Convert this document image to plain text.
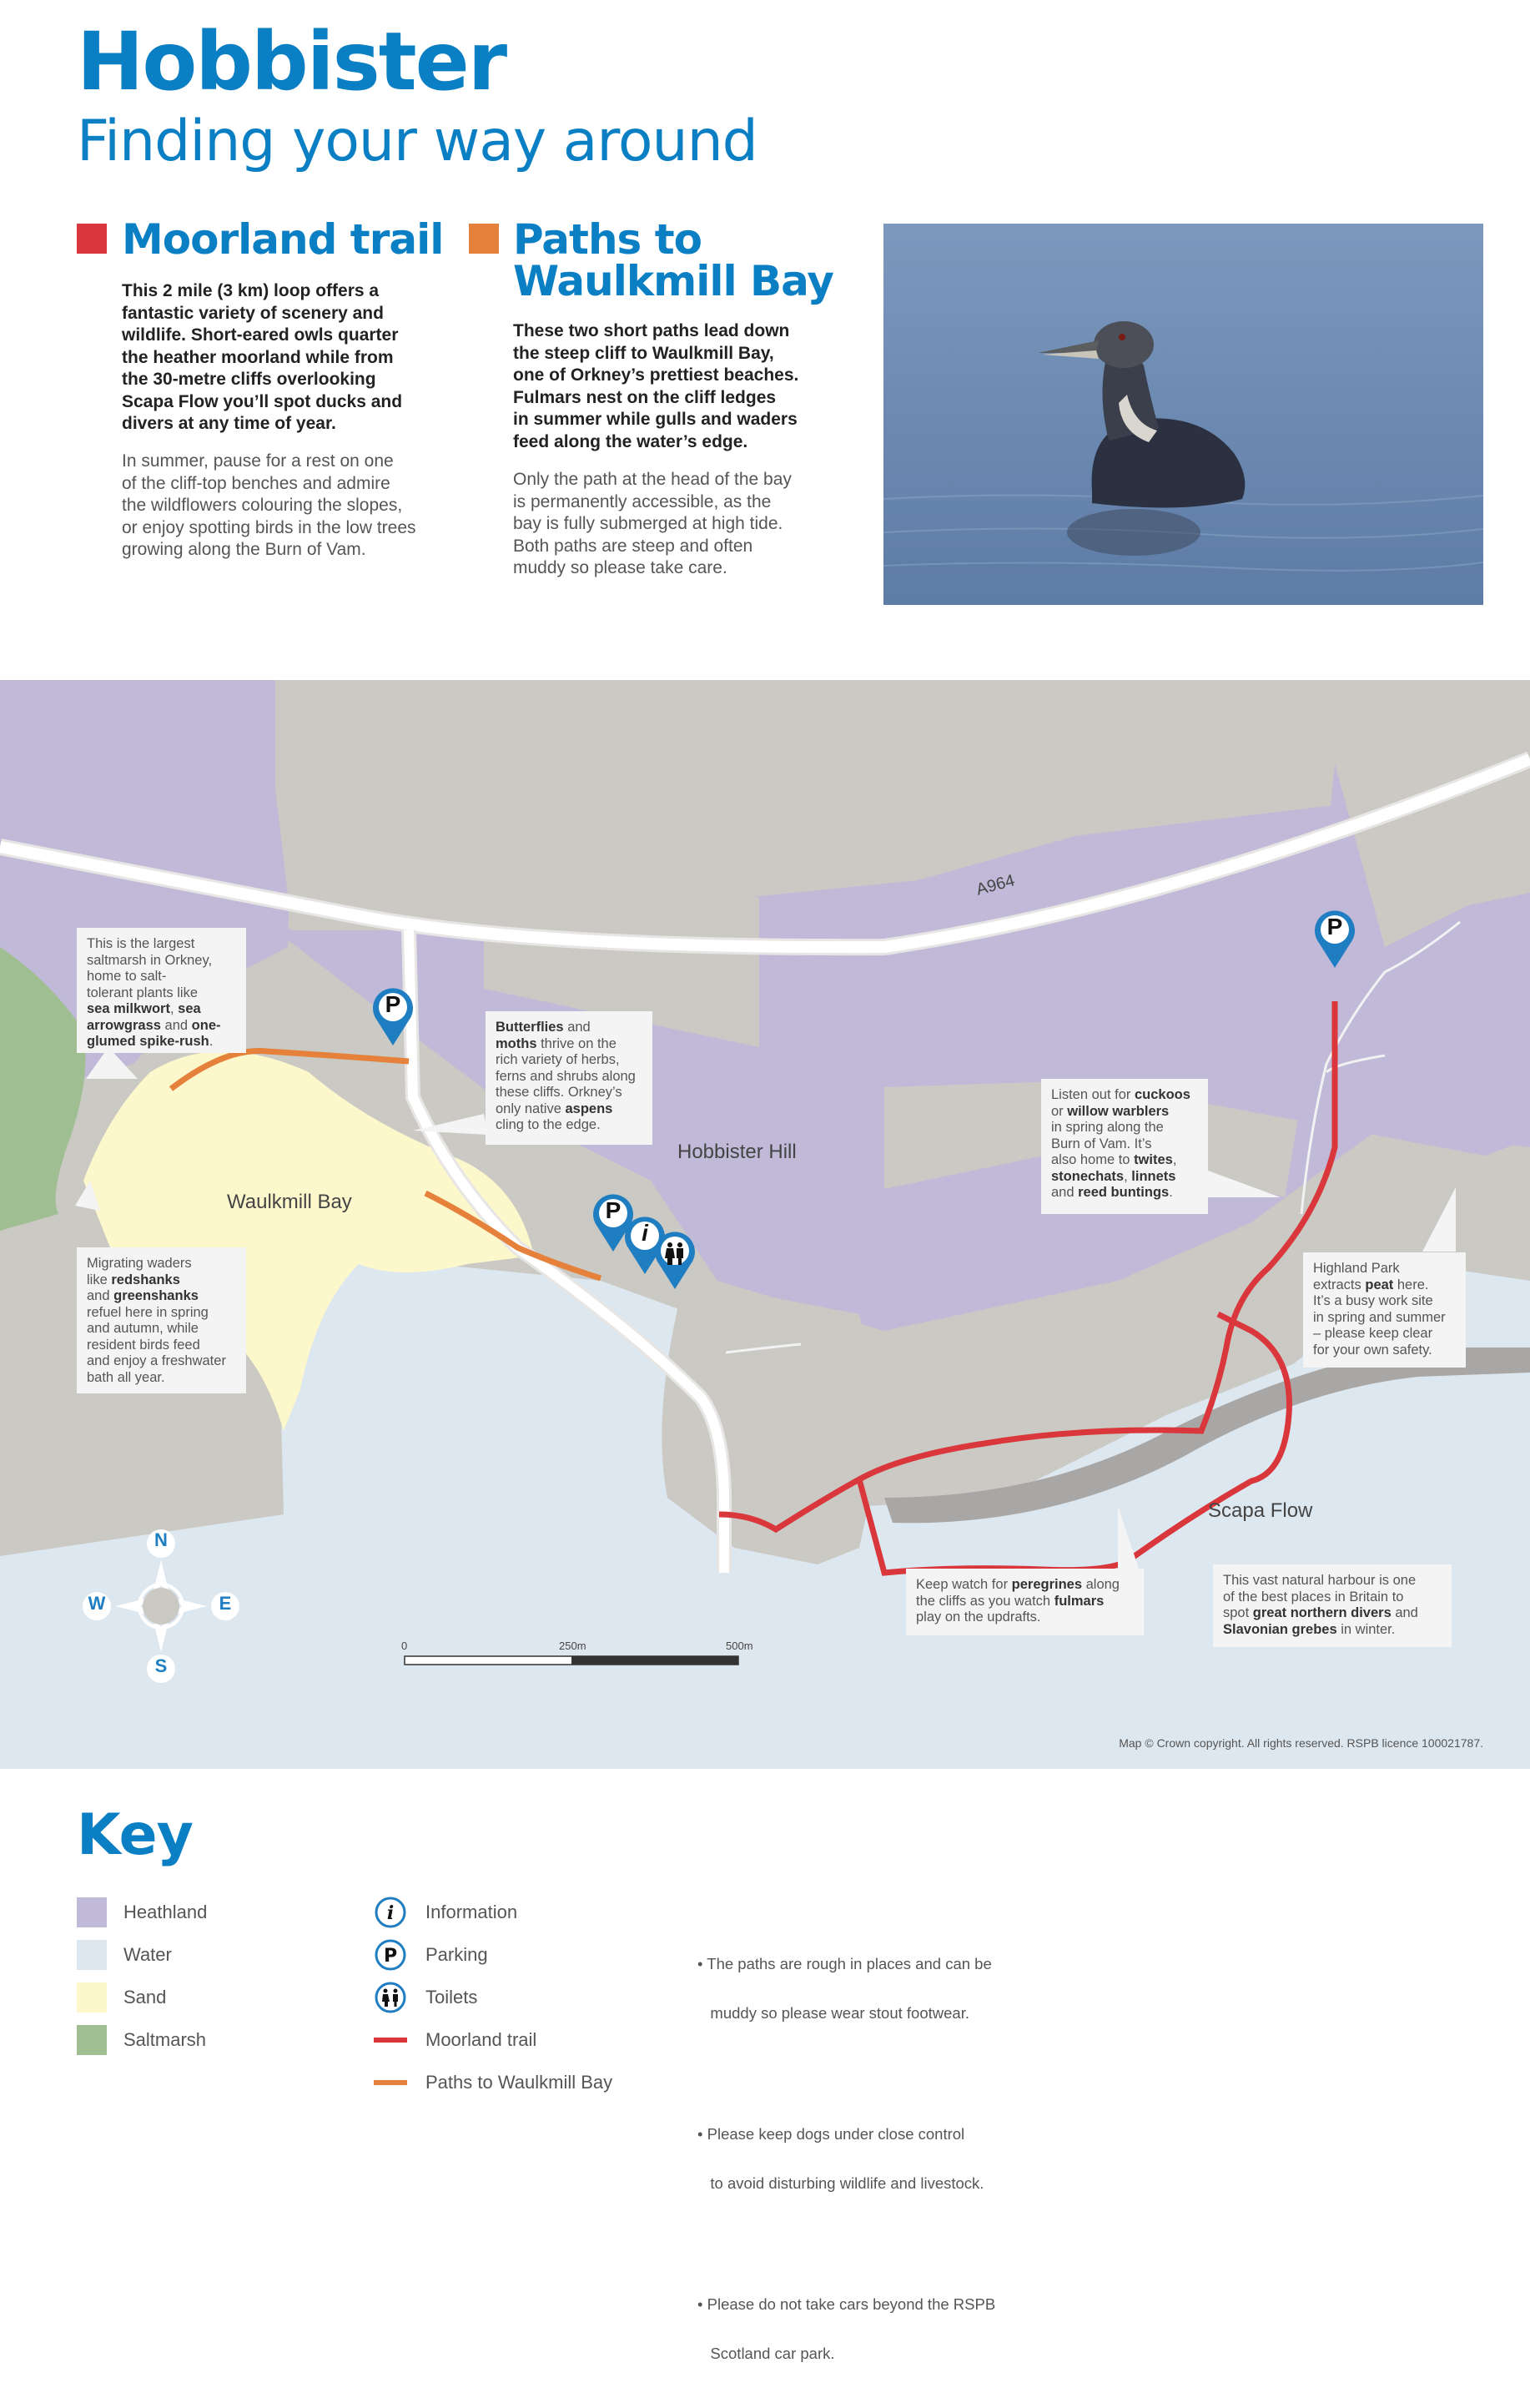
Hobbister
Finding your way around
Moorland trail
This 2 mile (3 km) loop offers a
fantastic variety of scenery and
wildlife. Short-eared owls quarter
the heather moorland while from
the 30-metre cliffs overlooking
Scapa Flow you’ll spot ducks and
divers at any time of year.
In summer, pause for a rest on one
of the cliff-top benches and admire
the wildflowers colouring the slopes,
or enjoy spotting birds in the low trees
growing along the Burn of Vam.
Paths to
Waulkmill Bay
These two short paths lead down
the steep cliff to Waulkmill Bay,
one of Orkney’s prettiest beaches.
Fulmars nest on the cliff ledges
in summer while gulls and waders
feed along the water’s edge.
Only the path at the head of the bay
is permanently accessible, as the
bay is fully submerged at high tide.
Both paths are steep and often
muddy so please take care.
A964
Hobbister Hill
Waulkmill Bay
Scapa Flow
N
S
E
W
0	250m	500m
P
P
i
P
This is the largest
saltmarsh in Orkney,
home to salt-
tolerant plants like
sea milkwort, sea
arrowgrass and one-
glumed spike-rush.
Butterflies and
moths thrive on the
rich variety of herbs,
ferns and shrubs along
these cliffs. Orkney’s
only native aspens
cling to the edge.
Listen out for cuckoos
or willow warblers
in spring along the
Burn of Vam. It’s
also home to twites,
stonechats, linnets
and reed buntings.
Migrating waders
like redshanks
and greenshanks
refuel here in spring
and autumn, while
resident birds feed
and enjoy a freshwater
bath all year.
Highland Park
extracts peat here.
It’s a busy work site
in spring and summer
– please keep clear
for your own safety.
Keep watch for peregrines along
the cliffs as you watch fulmars
play on the updrafts.
This vast natural harbour is one
of the best places in Britain to
spot great northern divers and
Slavonian grebes in winter.
Map © Crown copyright. All rights reserved. RSPB licence 100021787.
Key
Heathland
Water
Sand
Saltmarsh
i Information
P Parking
Toilets
Moorland trail
Paths to Waulkmill Bay

• The paths are rough in places and can be

muddy so please wear stout footwear.

• Please keep dogs under close control

to avoid disturbing wildlife and livestock.

• Please do not take cars beyond the RSPB

Scotland car park.
